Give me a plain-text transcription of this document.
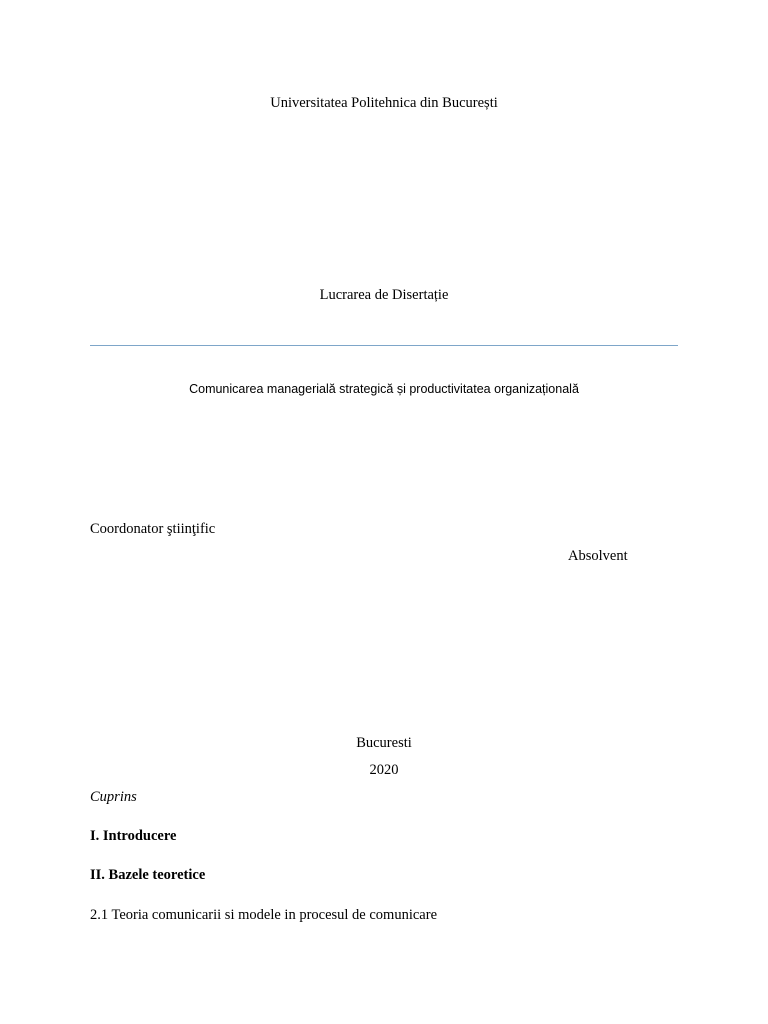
Universitatea Politehnica din București
Lucrarea de Disertație
Comunicarea managerială strategică și productivitatea organizațională
Coordonator ştiinţific
Absolvent
Bucuresti
2020
Cuprins
I. Introducere
II. Bazele teoretice
2.1 Teoria comunicarii si modele in procesul de comunicare
